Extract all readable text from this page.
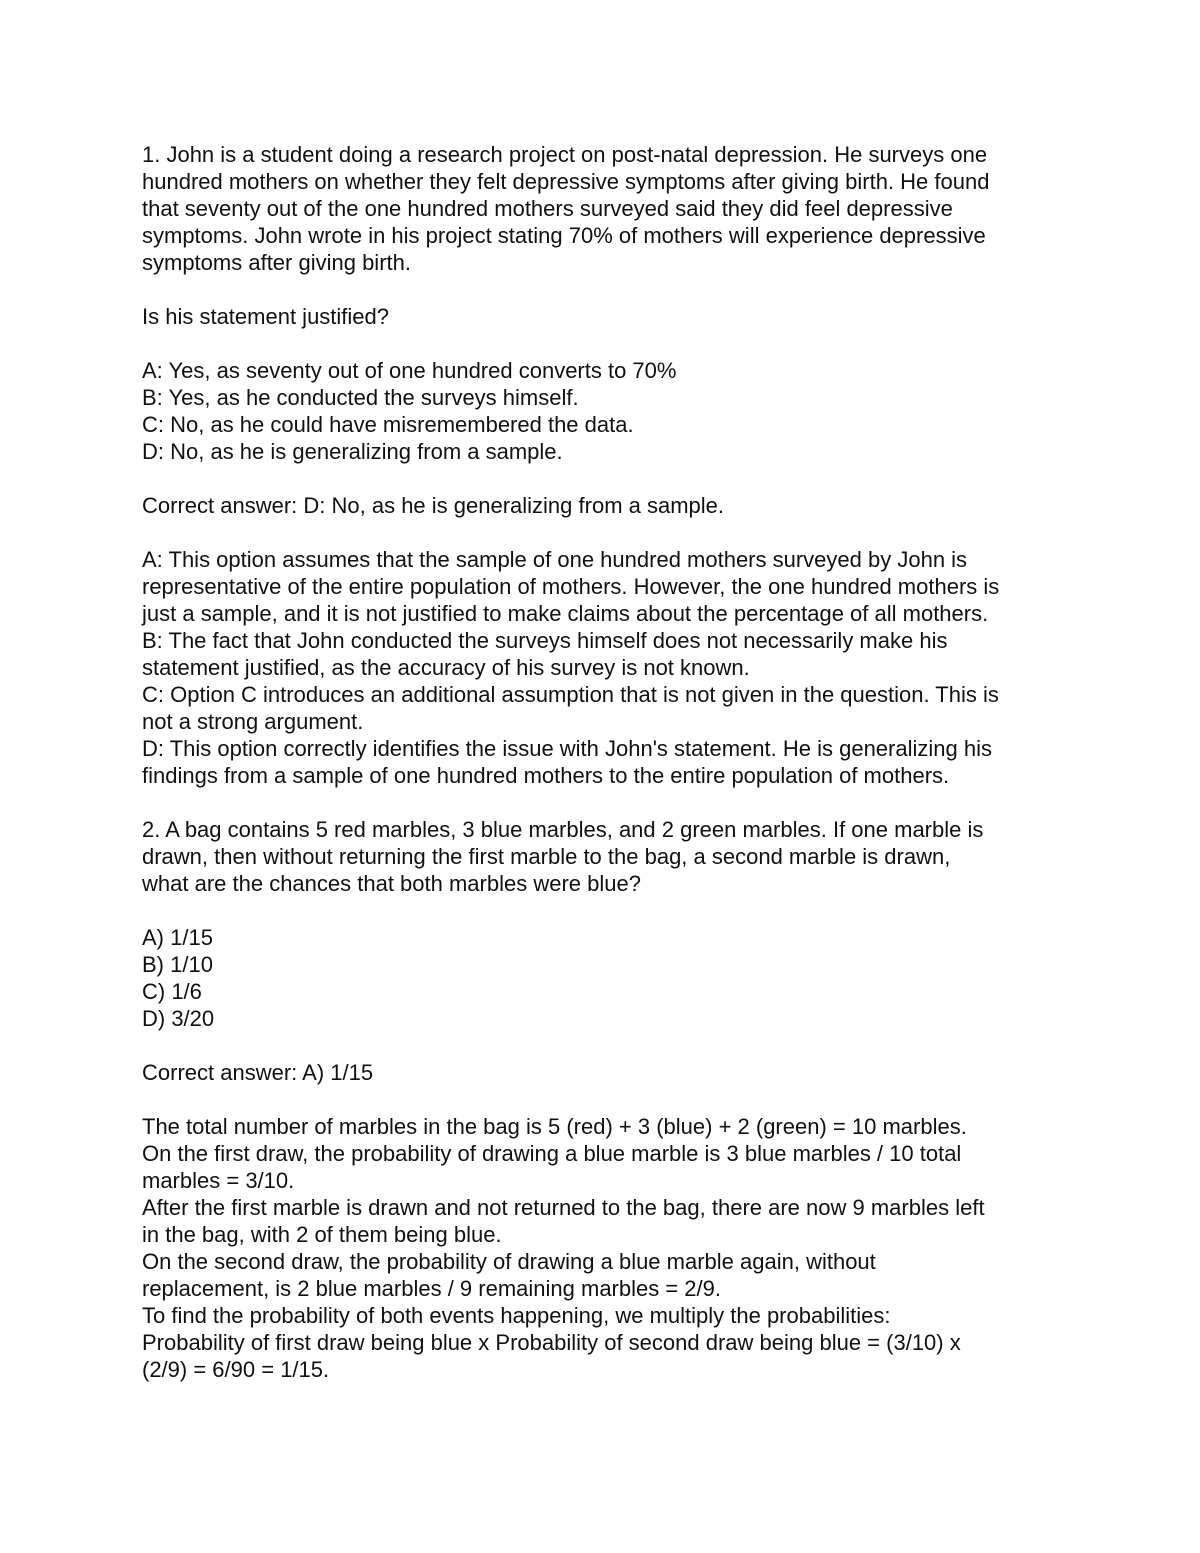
1. John is a student doing a research project on post-natal depression. He surveys one
hundred mothers on whether they felt depressive symptoms after giving birth. He found
that seventy out of the one hundred mothers surveyed said they did feel depressive
symptoms. John wrote in his project stating 70% of mothers will experience depressive
symptoms after giving birth.

Is his statement justified?

A: Yes, as seventy out of one hundred converts to 70%
B: Yes, as he conducted the surveys himself.
C: No, as he could have misremembered the data.
D: No, as he is generalizing from a sample.

Correct answer: D: No, as he is generalizing from a sample.

A: This option assumes that the sample of one hundred mothers surveyed by John is
representative of the entire population of mothers. However, the one hundred mothers is
just a sample, and it is not justified to make claims about the percentage of all mothers.
B: The fact that John conducted the surveys himself does not necessarily make his
statement justified, as the accuracy of his survey is not known.
C: Option C introduces an additional assumption that is not given in the question. This is
not a strong argument.
D: This option correctly identifies the issue with John's statement. He is generalizing his
findings from a sample of one hundred mothers to the entire population of mothers.

2. A bag contains 5 red marbles, 3 blue marbles, and 2 green marbles. If one marble is
drawn, then without returning the first marble to the bag, a second marble is drawn,
what are the chances that both marbles were blue?

A) 1/15
B) 1/10
C) 1/6
D) 3/20

Correct answer: A) 1/15

The total number of marbles in the bag is 5 (red) + 3 (blue) + 2 (green) = 10 marbles.
On the first draw, the probability of drawing a blue marble is 3 blue marbles / 10 total
marbles = 3/10.
After the first marble is drawn and not returned to the bag, there are now 9 marbles left
in the bag, with 2 of them being blue.
On the second draw, the probability of drawing a blue marble again, without
replacement, is 2 blue marbles / 9 remaining marbles = 2/9.
To find the probability of both events happening, we multiply the probabilities:
Probability of first draw being blue x Probability of second draw being blue = (3/10) x
(2/9) = 6/90 = 1/15.
